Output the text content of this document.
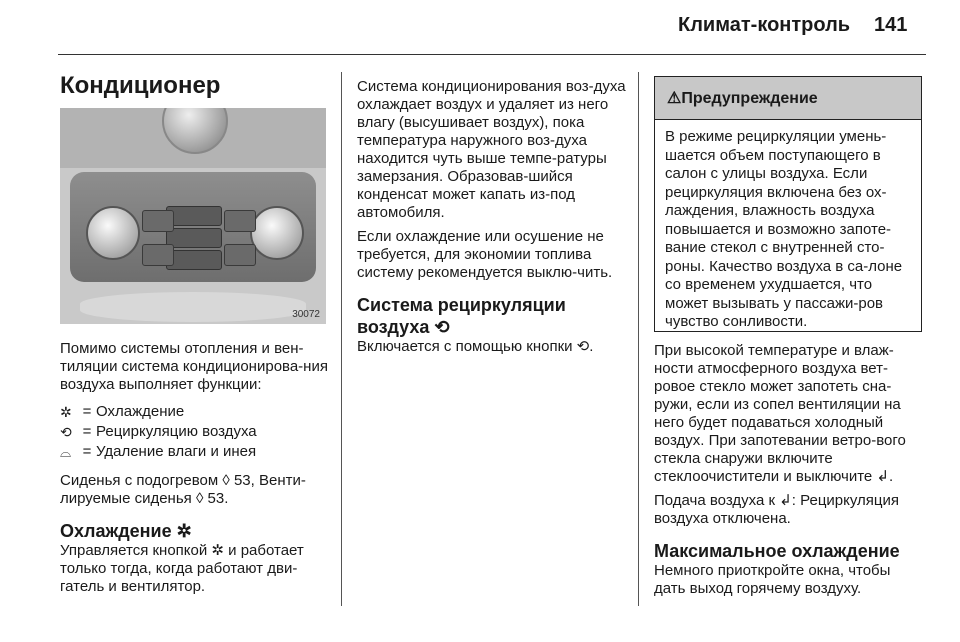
Климат-контроль 141
Кондиционер
30072

Помимо системы отопления и вен-тиляции система кондиционирова-ния воздуха выполняет функции:

✲ = Охлаждение
⟲ = Рециркуляцию воздуха
⌓ = Удаление влаги и инея

Сиденья с подогревом ◊ 53, Венти-лируемые сиденья ◊ 53.

Охлаждение ✲

Управляется кнопкой ✲ и работает только тогда, когда работают дви-гатель и вентилятор.

Система кондиционирования воз-духа охлаждает воздух и удаляет из него влагу (высушивает воздух), пока температура наружного воз-духа находится чуть выше темпе-ратуры замерзания. Образовав-шийся конденсат может капать из-под автомобиля.

Если охлаждение или осушение не требуется, для экономии топлива систему рекомендуется выклю-чить.

Система рециркуляции воздуха ⟲

Включается с помощью кнопки ⟲.

⚠Предупреждение
В режиме рециркуляции умень-шается объем поступающего в салон с улицы воздуха. Если рециркуляция включена без ох-лаждения, влажность воздуха повышается и возможно запоте-вание стекол с внутренней сто-роны. Качество воздуха в са-лоне со временем ухудшается, что может вызывать у пассажи-ров чувство сонливости.

При высокой температуре и влаж-ности атмосферного воздуха вет-ровое стекло может запотеть сна-ружи, если из сопел вентиляции на него будет подаваться холодный воздух. При запотевании ветро-вого стекла снаружи включите стеклоочистители и выключите ↲.

Подача воздуха к ↲: Рециркуляция воздуха отключена.

Максимальное охлаждение

Немного приоткройте окна, чтобы дать выход горячему воздуху.
